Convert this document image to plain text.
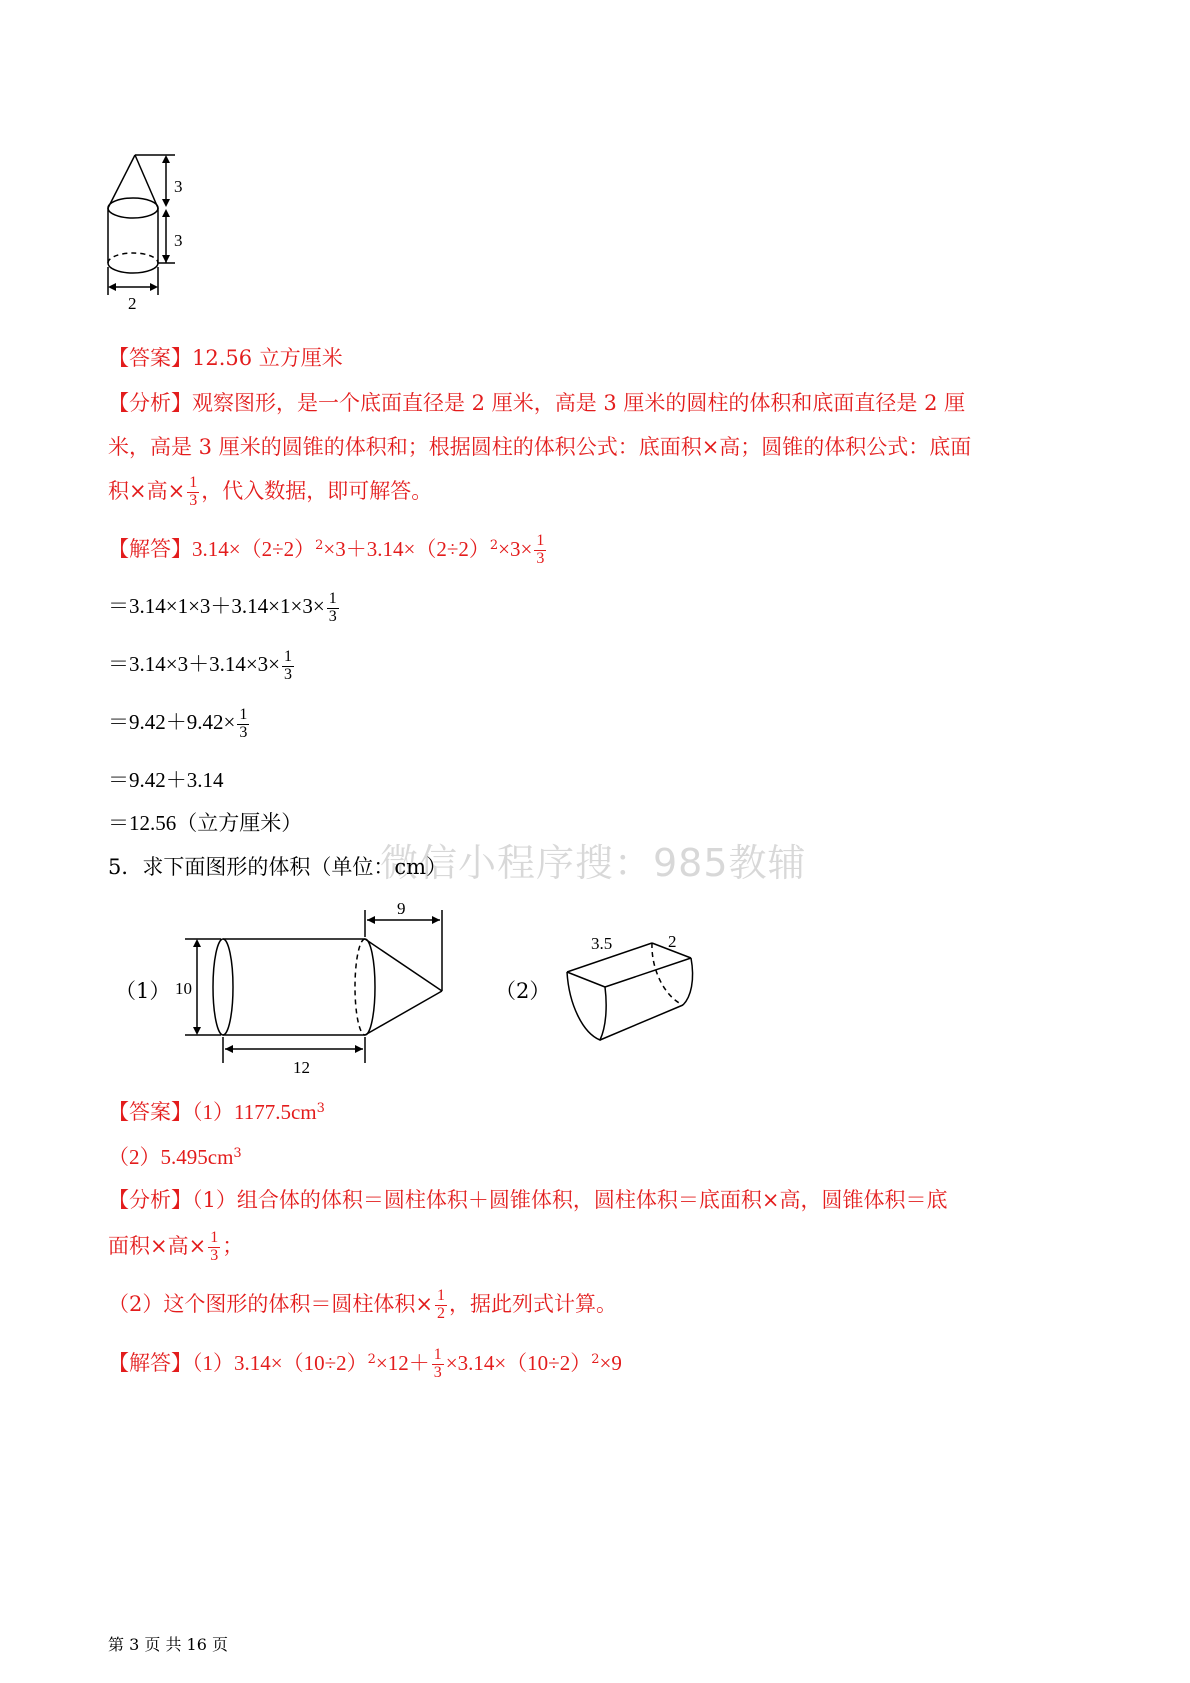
3
3
2
【答案】12.56 立方厘米
【分析】观察图形，是一个底面直径是 2 厘米，高是 3 厘米的圆柱的体积和底面直径是 2 厘
米，高是 3 厘米的圆锥的体积和；根据圆柱的体积公式：底面积×高；圆锥的体积公式：底面
积×高× $\frac{1}{3}$ ，代入数据，即可解答。
【解答】$3.14\times(2\div 2)^2\times 3+3.14\times(2\div 2)^2\times 3\times \frac{1}{3}$
$=3.14\times 1\times 3+3.14\times 1\times 3\times \frac{1}{3}$
$=3.14\times 3+3.14\times 3\times \frac{1}{3}$
$=9.42+9.42\times \frac{1}{3}$
＝9.42＋3.14
＝12.56（立方厘米）
微信小程序搜：985教辅
5．求下面图形的体积（单位：cm）
（1）	（2）
10
12
9
3.5	2
【答案】$(1)1177.5cm^3$
$(2)5.495cm^3$
【分析】（1）组合体的体积＝圆柱体积＋圆锥体积，圆柱体积＝底面积×高，圆锥体积＝底
面积×高× $\frac{1}{3}$ ；
（2）这个图形的体积＝圆柱体积× $\frac{1}{2}$ ，据此列式计算。
【解答】$(1)3.14\times(10\div 2)^2\times 12+ \frac{1}{3} \times 3.14\times(10\div 2)^2\times 9$
第 3 页 共 16 页
